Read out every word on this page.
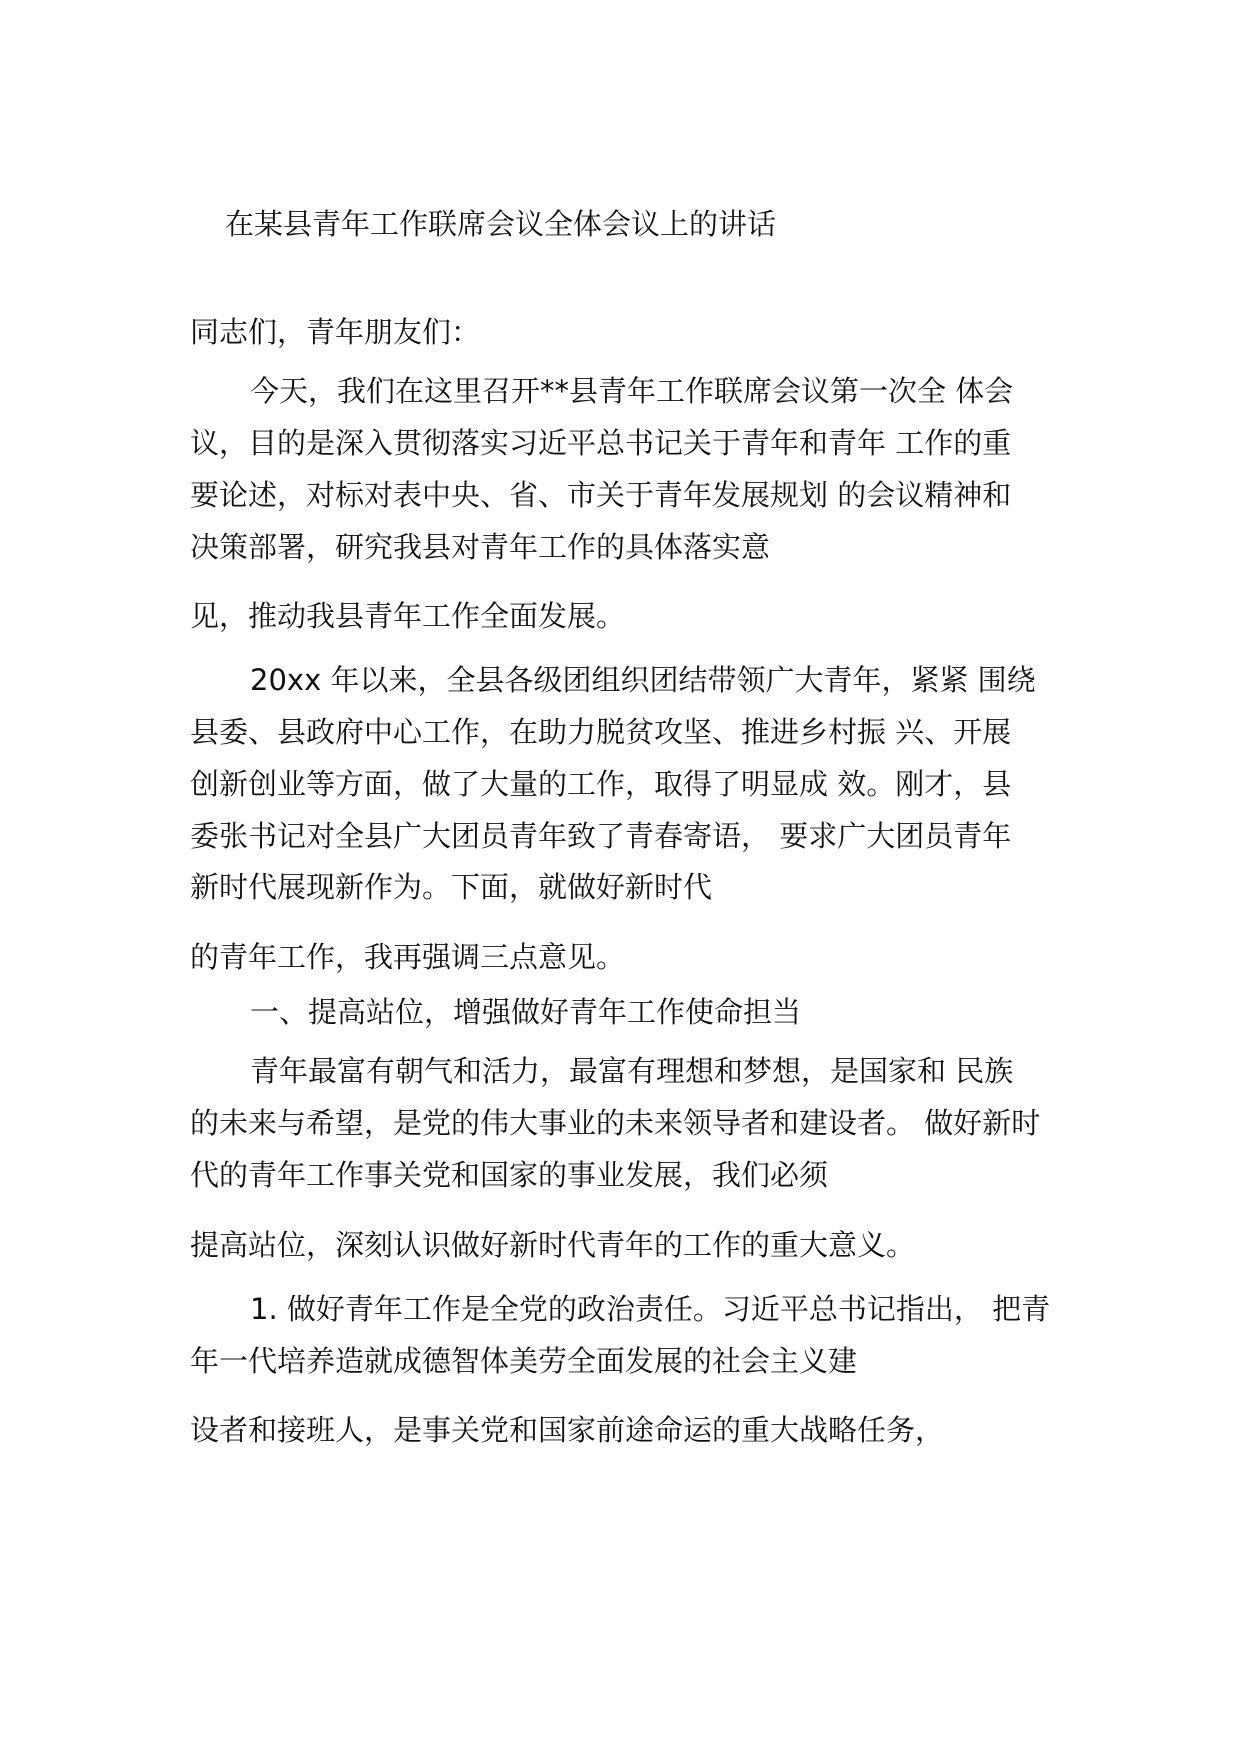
在某县青年工作联席会议全体会议上的讲话
同志们，青年朋友们：
今天，我们在这里召开**县青年工作联席会议第一次全 体会
议，目的是深入贯彻落实习近平总书记关于青年和青年 工作的重
要论述，对标对表中央、省、市关于青年发展规划 的会议精神和
决策部署，研究我县对青年工作的具体落实意
见，推动我县青年工作全面发展。
20xx 年以来，全县各级团组织团结带领广大青年，紧紧 围绕
县委、县政府中心工作，在助力脱贫攻坚、推进乡村振 兴、开展
创新创业等方面，做了大量的工作，取得了明显成 效。刚才，县
委张书记对全县广大团员青年致了青春寄语， 要求广大团员青年
新时代展现新作为。下面，就做好新时代
的青年工作，我再强调三点意见。
一、提高站位，增强做好青年工作使命担当
青年最富有朝气和活力，最富有理想和梦想，是国家和 民族
的未来与希望，是党的伟大事业的未来领导者和建设者。 做好新时
代的青年工作事关党和国家的事业发展，我们必须
提高站位，深刻认识做好新时代青年的工作的重大意义。
1. 做好青年工作是全党的政治责任。习近平总书记指出， 把青
年一代培养造就成德智体美劳全面发展的社会主义建
设者和接班人，是事关党和国家前途命运的重大战略任务，
